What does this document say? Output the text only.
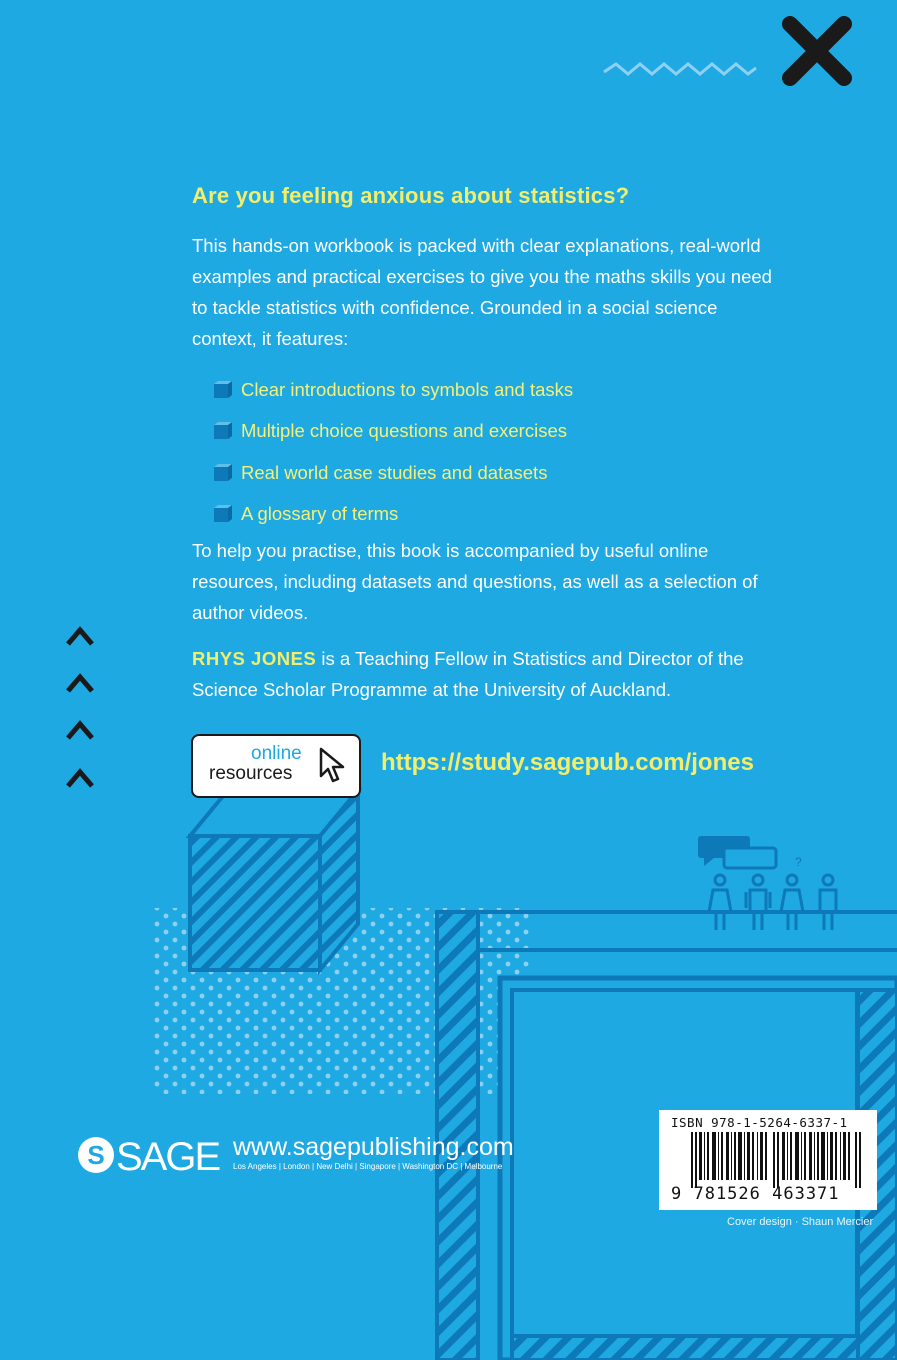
?
Are you feeling anxious about statistics?
This hands-on workbook is packed with clear explanations, real-world examples and practical exercises to give you the maths skills you need to tackle statistics with confidence. Grounded in a social science context, it features:
Clear introductions to symbols and tasks
Multiple choice questions and exercises
Real world case studies and datasets
A glossary of terms
To help you practise, this book is accompanied by useful online resources, including datasets and questions, as well as a selection of author videos.
RHYS JONES is a Teaching Fellow in Statistics and Director of the Science Scholar Programme at the University of Auckland.
online
resources	https://study.sagepub.com/jones
S SAGE www.sagepublishing.com
Los Angeles | London | New Delhi | Singapore | Washington DC | Melbourne
ISBN 978-1-5264-6337-1
9 781526 463371
Cover design · Shaun Mercier
